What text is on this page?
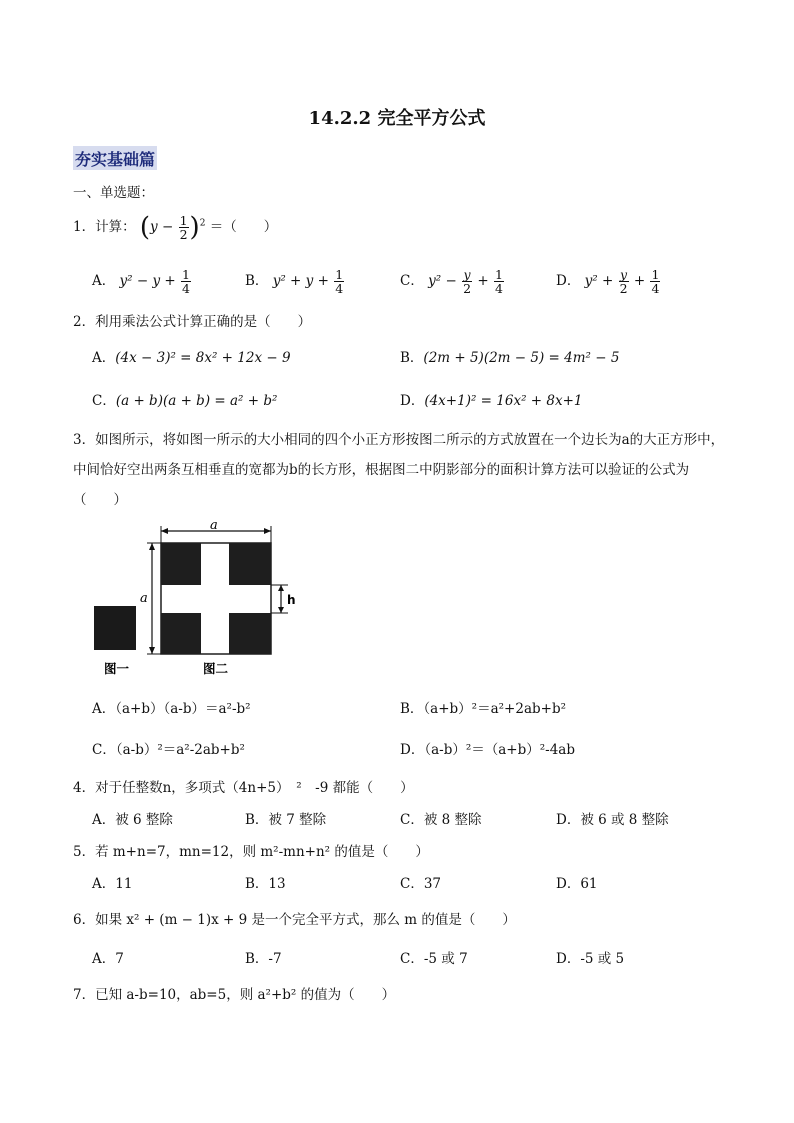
14.2.2 完全平方公式
夯实基础篇
一、单选题：
1．计算： $(y - \frac{1}{2} )^2$ ＝（　　）
A． $y^2 - y + \frac{1}{4}$	B． $y^2 + y + \frac{1}{4}$	C． $y^2 - \frac{y}{2} + \frac{1}{4}$	D． $y^2 + \frac{y}{2} + \frac{1}{4}$
2．利用乘法公式计算正确的是（　　）
A．(4x − 3)² = 8x² + 12x − 9	B．(2m + 5)(2m − 5) = 4m² − 5
C．(a + b)(a + b) = a² + b²	D．(4x+1)² = 16x² + 8x+1
3．如图所示，将如图一所示的大小相同的四个小正方形按图二所示的方式放置在一个边长为a的大正方形中，中间恰好空出两条互相垂直的宽都为b的长方形，根据图二中阴影部分的面积计算方法可以验证的公式为（　　）
a
a	h
图一	图二
A．（a+b）（a-b）＝a²-b²	B．（a+b）²＝a²+2ab+b²
C．（a-b）²＝a²-2ab+b²	D．（a-b）²＝（a+b）²-4ab
4．对于任整数n，多项式（4n+5）　²　-9 都能（　　）
A．被 6 整除	B．被 7 整除	C．被 8 整除	D．被 6 或 8 整除
5．若 m+n=7，mn=12，则 m²-mn+n² 的值是（　　）
A．11	B．13	C．37	D．61
6．如果 x² + (m − 1)x + 9 是一个完全平方式，那么 m 的值是（　　）
A．7	B．-7	C．-5 或 7	D．-5 或 5
7．已知 a-b=10，ab=5，则 a²+b² 的值为（　　）
